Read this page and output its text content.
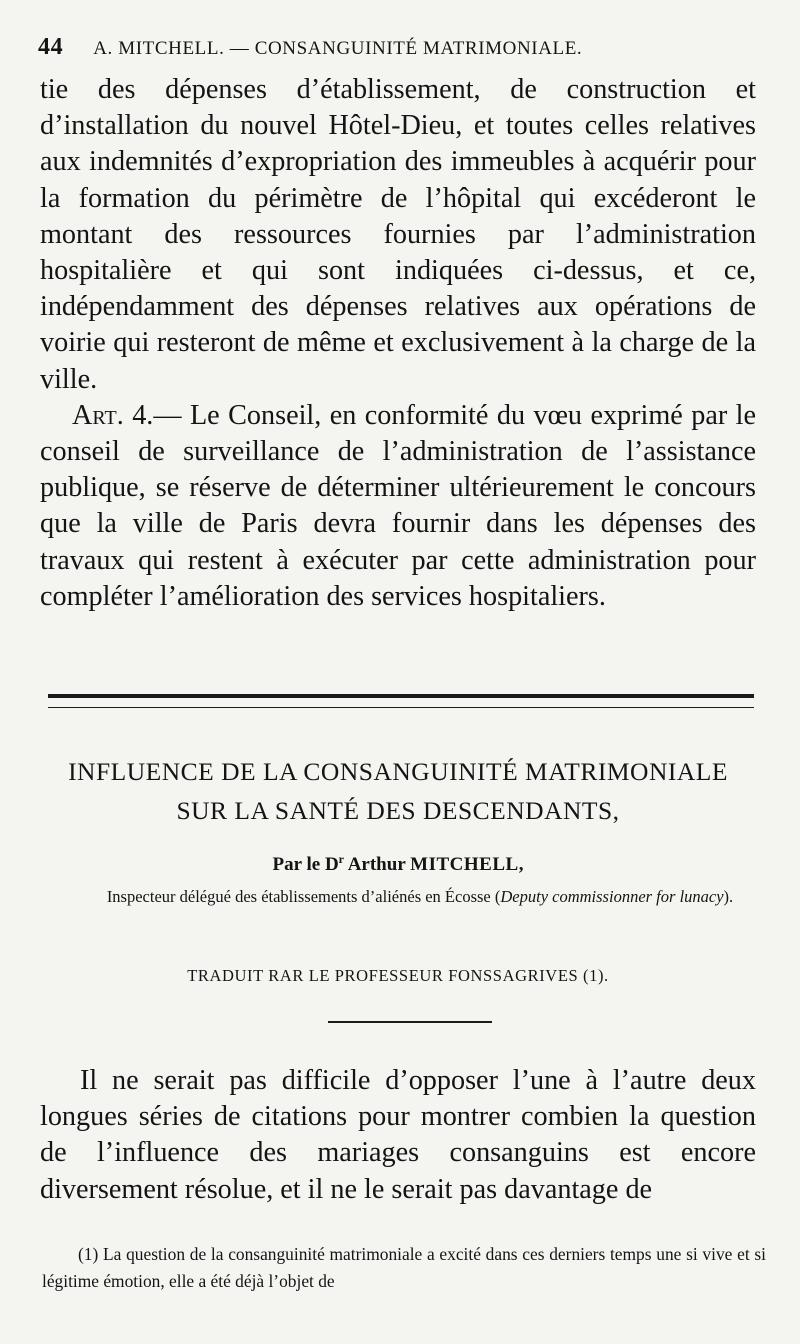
44 A. MITCHELL. — CONSANGUINITÉ MATRIMONIALE.

tie des dépenses d’établissement, de construction et d’installation du nouvel Hôtel-Dieu, et toutes celles relatives aux indemnités d’expropriation des immeubles à acquérir pour la formation du périmètre de l’hôpital qui excéderont le montant des ressources fournies par l’administration hospitalière et qui sont indiquées ci-dessus, et ce, indépendamment des dépenses relatives aux opérations de voirie qui resteront de même et exclusivement à la charge de la ville.

Art. 4.— Le Conseil, en conformité du vœu exprimé par le conseil de surveillance de l’administration de l’assistance publique, se réserve de déterminer ultérieurement le concours que la ville de Paris devra fournir dans les dépenses des travaux qui restent à exécuter par cette administration pour compléter l’amélioration des services hospitaliers.

INFLUENCE DE LA CONSANGUINITÉ MATRIMONIALE
SUR LA SANTÉ DES DESCENDANTS,
Par le $D^r$ Arthur MITCHELL,
Inspecteur délégué des établissements d’aliénés en Écosse (Deputy commissionner for lunacy).
TRADUIT RAR LE PROFESSEUR FONSSAGRIVES (1).

Il ne serait pas difficile d’opposer l’une à l’autre deux longues séries de citations pour montrer combien la question de l’influence des mariages consanguins est encore diversement résolue, et il ne le serait pas davantage de

(1) La question de la consanguinité matrimoniale a excité dans ces derniers temps une si vive et si légitime émotion, elle a été déjà l’objet de
